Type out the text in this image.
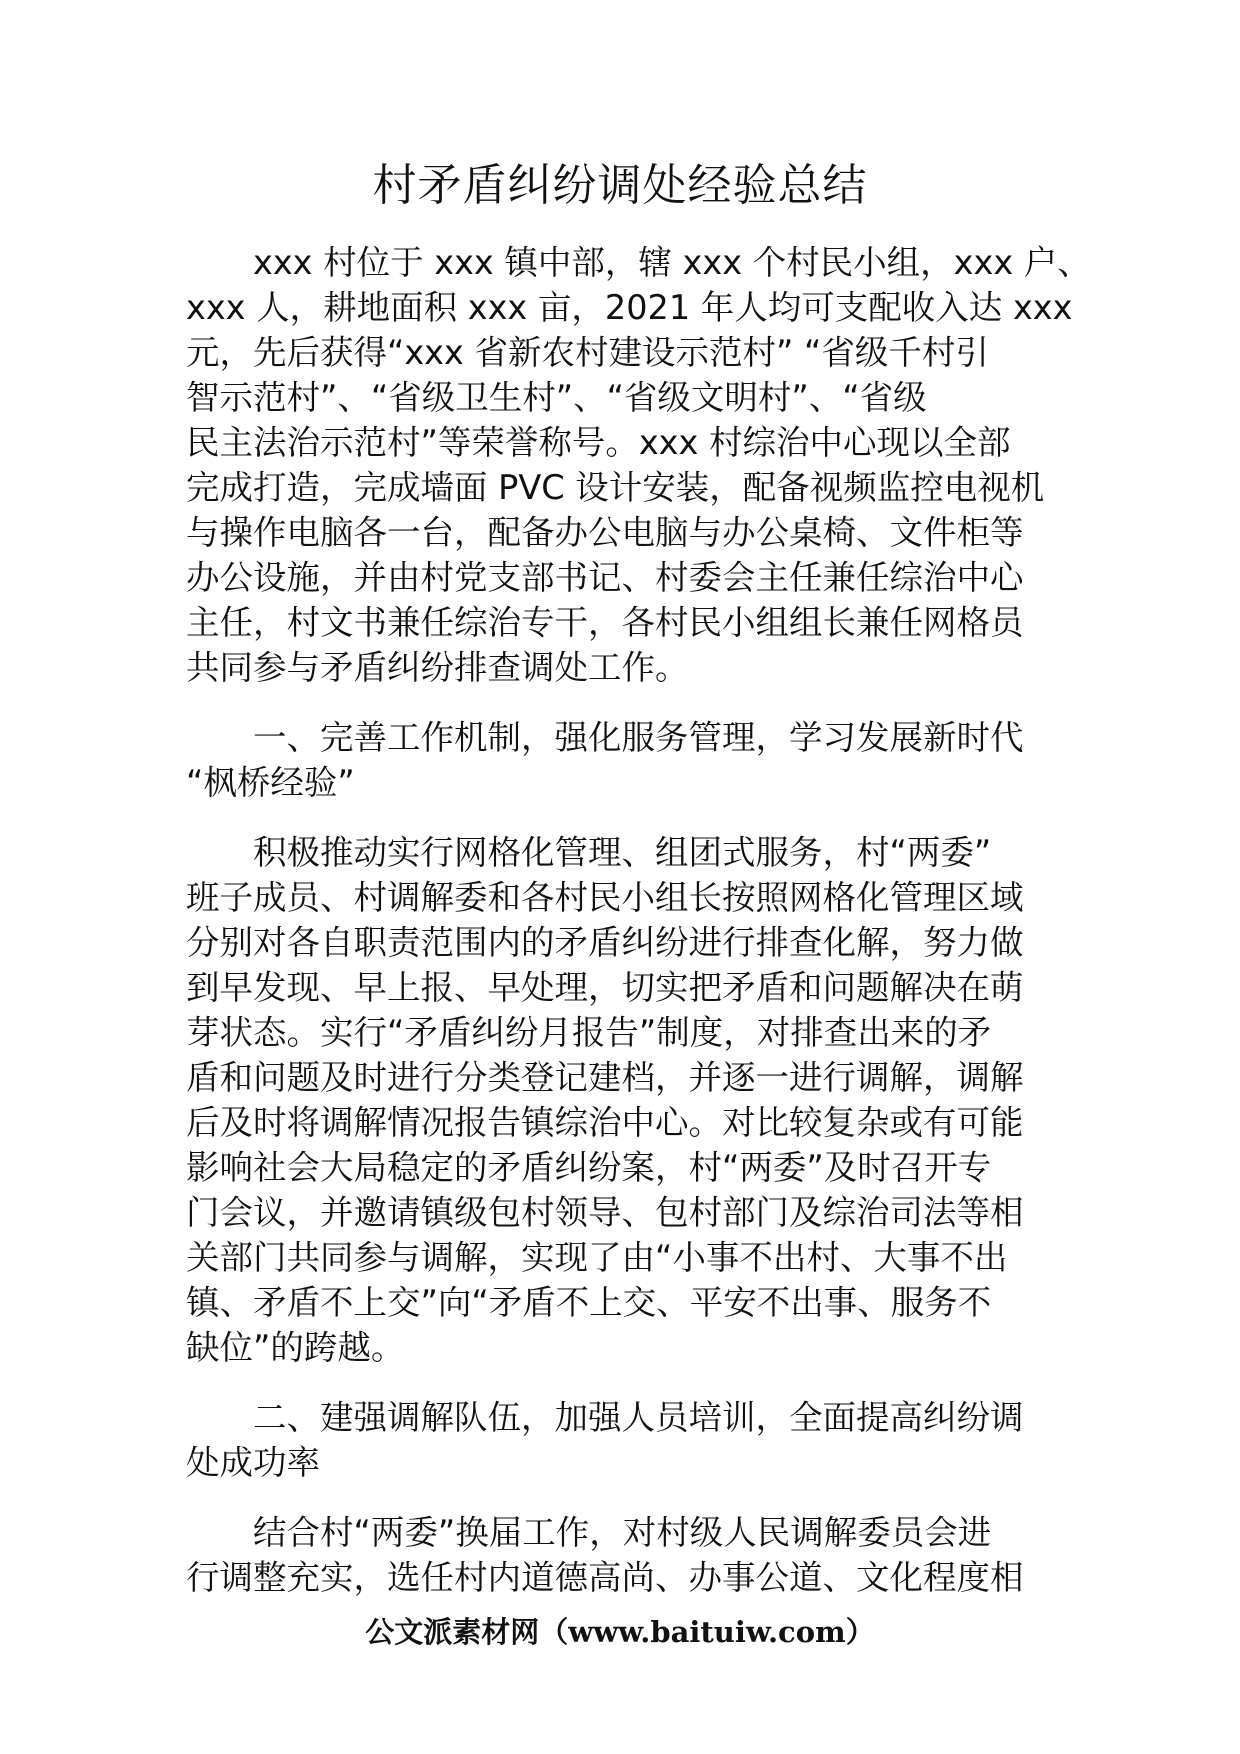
村矛盾纠纷调处经验总结

　　xxx 村位于 xxx 镇中部，辖 xxx 个村民小组，xxx 户、
xxx 人，耕地面积 xxx 亩，2021 年人均可支配收入达 xxx
元，先后获得“xxx 省新农村建设示范村” “省级千村引
智示范村”、“省级卫生村”、“省级文明村”、“省级
民主法治示范村”等荣誉称号。xxx 村综治中心现以全部
完成打造，完成墙面 PVC 设计安装，配备视频监控电视机
与操作电脑各一台，配备办公电脑与办公桌椅、文件柜等
办公设施，并由村党支部书记、村委会主任兼任综治中心
主任，村文书兼任综治专干，各村民小组组长兼任网格员
共同参与矛盾纠纷排查调处工作。

　　一、完善工作机制，强化服务管理，学习发展新时代
“枫桥经验”

　　积极推动实行网格化管理、组团式服务，村“两委”
班子成员、村调解委和各村民小组长按照网格化管理区域
分别对各自职责范围内的矛盾纠纷进行排查化解，努力做
到早发现、早上报、早处理，切实把矛盾和问题解决在萌
芽状态。实行“矛盾纠纷月报告”制度，对排查出来的矛
盾和问题及时进行分类登记建档，并逐一进行调解，调解
后及时将调解情况报告镇综治中心。对比较复杂或有可能
影响社会大局稳定的矛盾纠纷案，村“两委”及时召开专
门会议，并邀请镇级包村领导、包村部门及综治司法等相
关部门共同参与调解，实现了由“小事不出村、大事不出
镇、矛盾不上交”向“矛盾不上交、平安不出事、服务不
缺位”的跨越。

　　二、建强调解队伍，加强人员培训，全面提高纠纷调
处成功率

　　结合村“两委”换届工作，对村级人民调解委员会进
行调整充实，选任村内道德高尚、办事公道、文化程度相

公文派素材网（www.baituiw.com）
